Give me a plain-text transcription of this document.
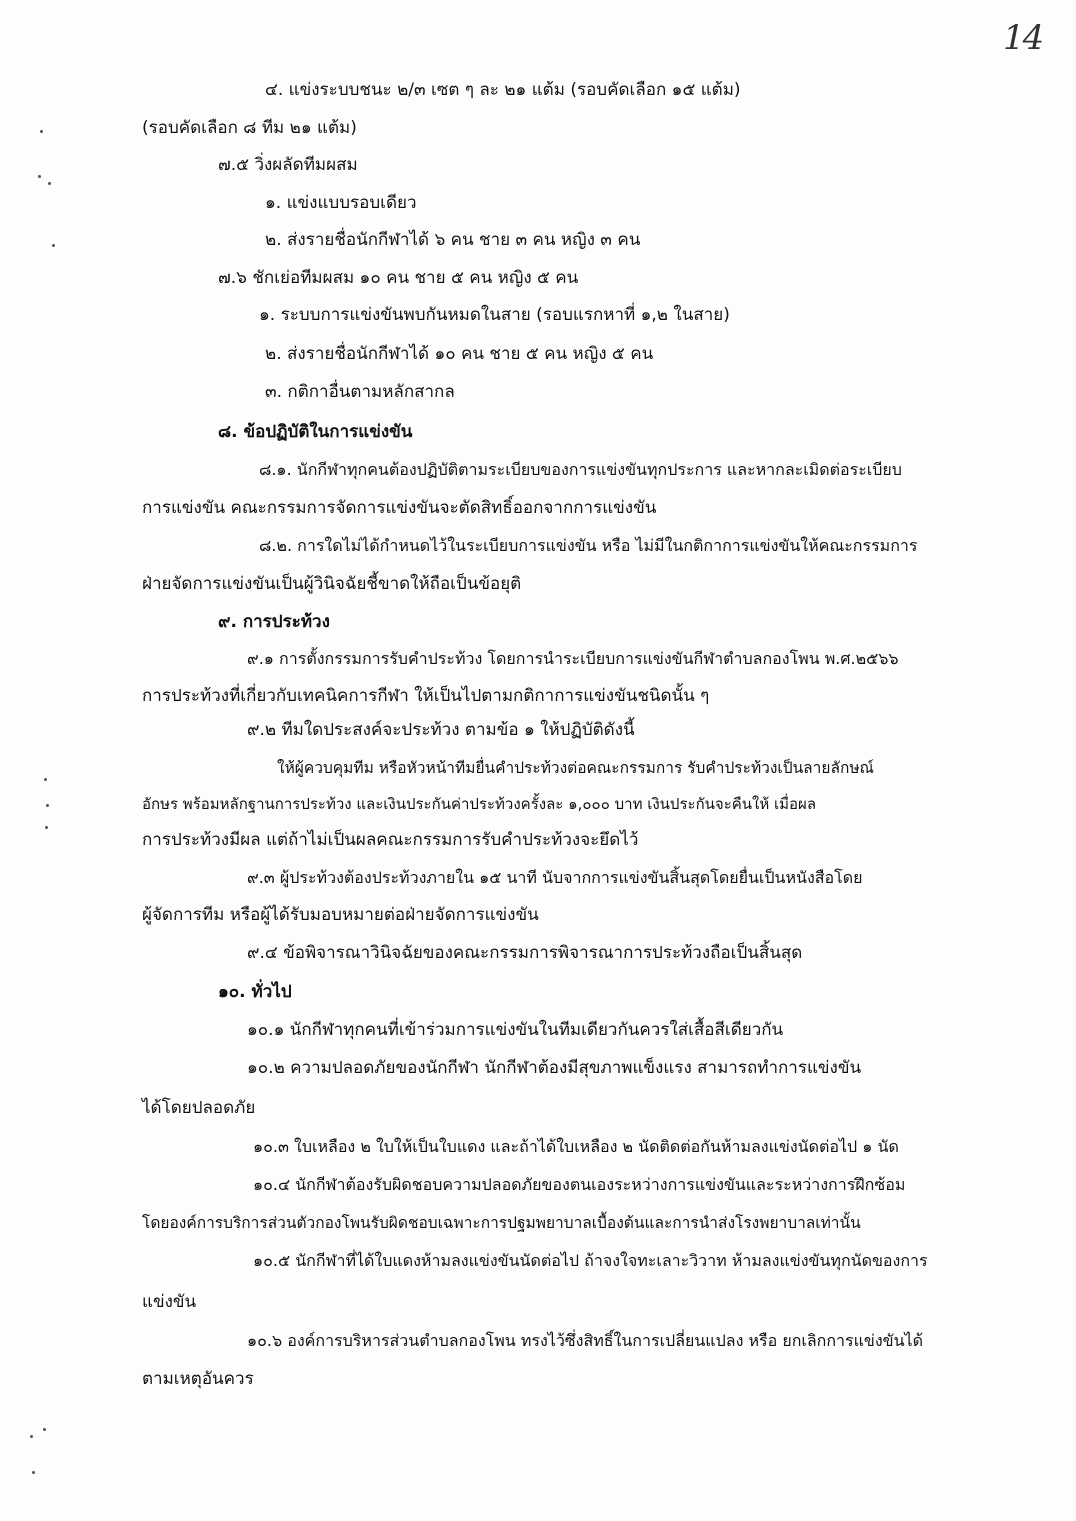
14
๔. แข่งระบบชนะ ๒/๓ เซต ๆ ละ ๒๑ แต้ม (รอบคัดเลือก ๑๕ แต้ม)
(รอบคัดเลือก ๘ ทีม ๒๑ แต้ม)
๗.๕ วิ่งผลัดทีมผสม
๑. แข่งแบบรอบเดียว
๒. ส่งรายชื่อนักกีฬาได้ ๖ คน ชาย ๓ คน หญิง ๓ คน
๗.๖ ชักเย่อทีมผสม ๑๐ คน ชาย ๕ คน หญิง ๕ คน
๑. ระบบการแข่งขันพบกันหมดในสาย (รอบแรกหาที่ ๑,๒ ในสาย)
๒. ส่งรายชื่อนักกีฬาได้ ๑๐ คน ชาย ๕ คน หญิง ๕ คน
๓. กติกาอื่นตามหลักสากล
๘. ข้อปฏิบัติในการแข่งขัน
๘.๑. นักกีฬาทุกคนต้องปฏิบัติตามระเบียบของการแข่งขันทุกประการ และหากละเมิดต่อระเบียบ
การแข่งขัน คณะกรรมการจัดการแข่งขันจะตัดสิทธิ์ออกจากการแข่งขัน
๘.๒. การใดไม่ได้กำหนดไว้ในระเบียบการแข่งขัน หรือ ไม่มีในกติกาการแข่งขันให้คณะกรรมการ
ฝ่ายจัดการแข่งขันเป็นผู้วินิจฉัยชี้ขาดให้ถือเป็นข้อยุติ
๙. การประท้วง
๙.๑ การตั้งกรรมการรับคำประท้วง โดยการนำระเบียบการแข่งขันกีฬาตำบลกองโพน พ.ศ.๒๕๖๖
การประท้วงที่เกี่ยวกับเทคนิคการกีฬา ให้เป็นไปตามกติกาการแข่งขันชนิดนั้น ๆ
๙.๒ ทีมใดประสงค์จะประท้วง ตามข้อ ๑ ให้ปฏิบัติดังนี้
ให้ผู้ควบคุมทีม หรือหัวหน้าทีมยื่นคำประท้วงต่อคณะกรรมการ รับคำประท้วงเป็นลายลักษณ์
อักษร พร้อมหลักฐานการประท้วง และเงินประกันค่าประท้วงครั้งละ ๑,๐๐๐ บาท เงินประกันจะคืนให้ เมื่อผล
การประท้วงมีผล แต่ถ้าไม่เป็นผลคณะกรรมการรับคำประท้วงจะยึดไว้
๙.๓ ผู้ประท้วงต้องประท้วงภายใน ๑๕ นาที นับจากการแข่งขันสิ้นสุดโดยยื่นเป็นหนังสือโดย
ผู้จัดการทีม หรือผู้ได้รับมอบหมายต่อฝ่ายจัดการแข่งขัน
๙.๔ ข้อพิจารณาวินิจฉัยของคณะกรรมการพิจารณาการประท้วงถือเป็นสิ้นสุด
๑๐. ทั่วไป
๑๐.๑ นักกีฬาทุกคนที่เข้าร่วมการแข่งขันในทีมเดียวกันควรใส่เสื้อสีเดียวกัน
๑๐.๒ ความปลอดภัยของนักกีฬา นักกีฬาต้องมีสุขภาพแข็งแรง สามารถทำการแข่งขัน
ได้โดยปลอดภัย
๑๐.๓ ใบเหลือง ๒ ใบให้เป็นใบแดง และถ้าได้ใบเหลือง ๒ นัดติดต่อกันห้ามลงแข่งนัดต่อไป ๑ นัด
๑๐.๔ นักกีฬาต้องรับผิดชอบความปลอดภัยของตนเองระหว่างการแข่งขันและระหว่างการฝึกซ้อม
โดยองค์การบริการส่วนตัวกองโพนรับผิดชอบเฉพาะการปฐมพยาบาลเบื้องต้นและการนำส่งโรงพยาบาลเท่านั้น
๑๐.๕ นักกีฬาที่ได้ใบแดงห้ามลงแข่งขันนัดต่อไป ถ้าจงใจทะเลาะวิวาท ห้ามลงแข่งขันทุกนัดของการ
แข่งขัน
๑๐.๖ องค์การบริหารส่วนตำบลกองโพน ทรงไว้ซึ่งสิทธิ์ในการเปลี่ยนแปลง หรือ ยกเลิกการแข่งขันได้
ตามเหตุอันควร
